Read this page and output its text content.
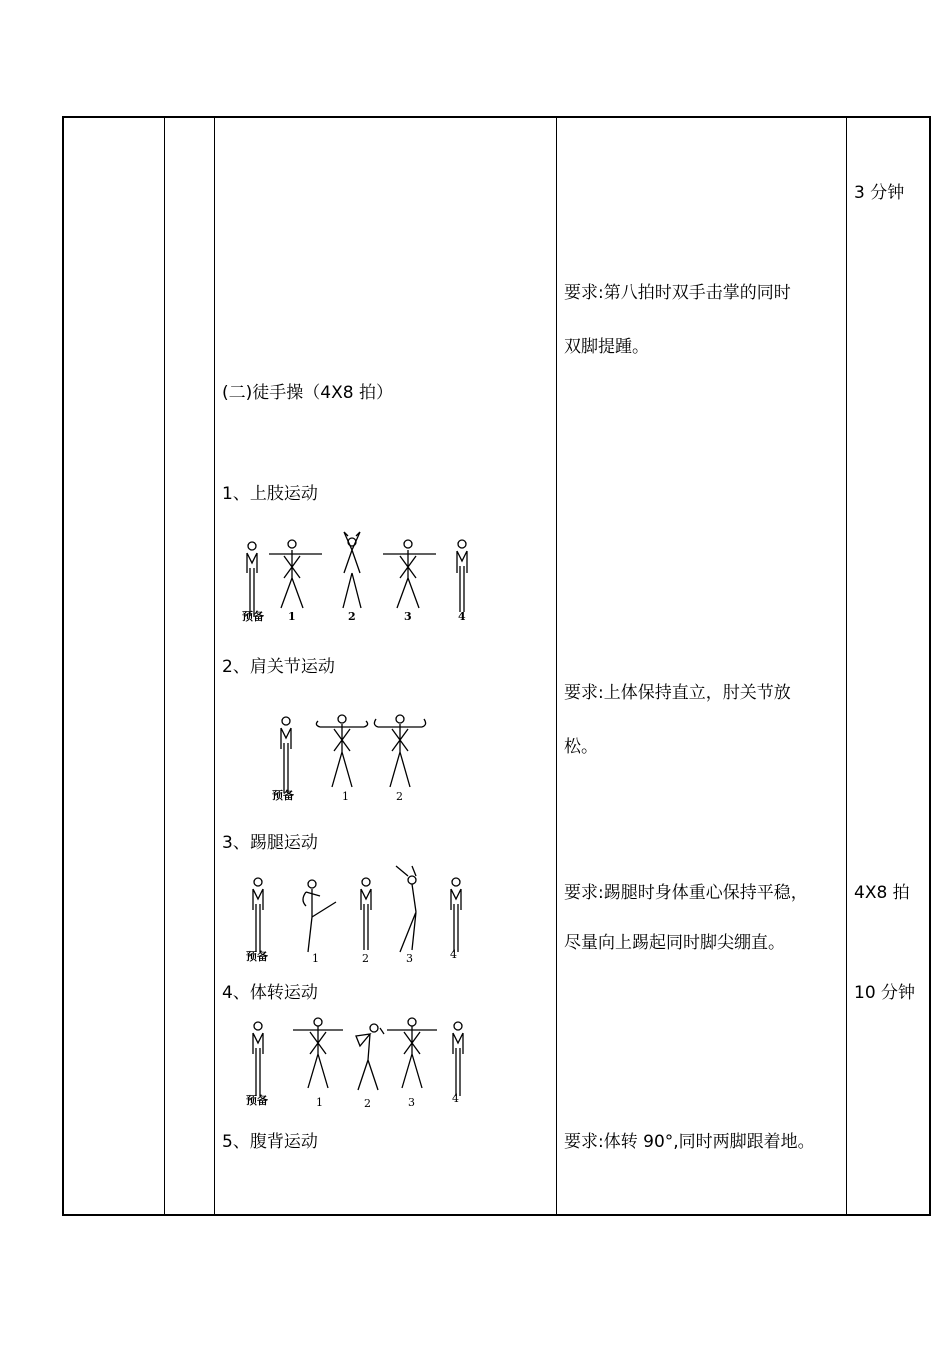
(二)徒手操（4X8 拍）
1、上肢运动
2、肩关节运动
3、踢腿运动
4、体转运动
5、腹背运动
预备 1	2	3	4
预备	1	2
预备	1	2	3	4
预备	1	2	3	4
要求:第八拍时双手击掌的同时
双脚提踵。
要求:上体保持直立，肘关节放
松。
要求:踢腿时身体重心保持平稳，
尽量向上踢起同时脚尖绷直。
要求:体转 90°,同时两脚跟着地。
3 分钟
4X8 拍
10 分钟
